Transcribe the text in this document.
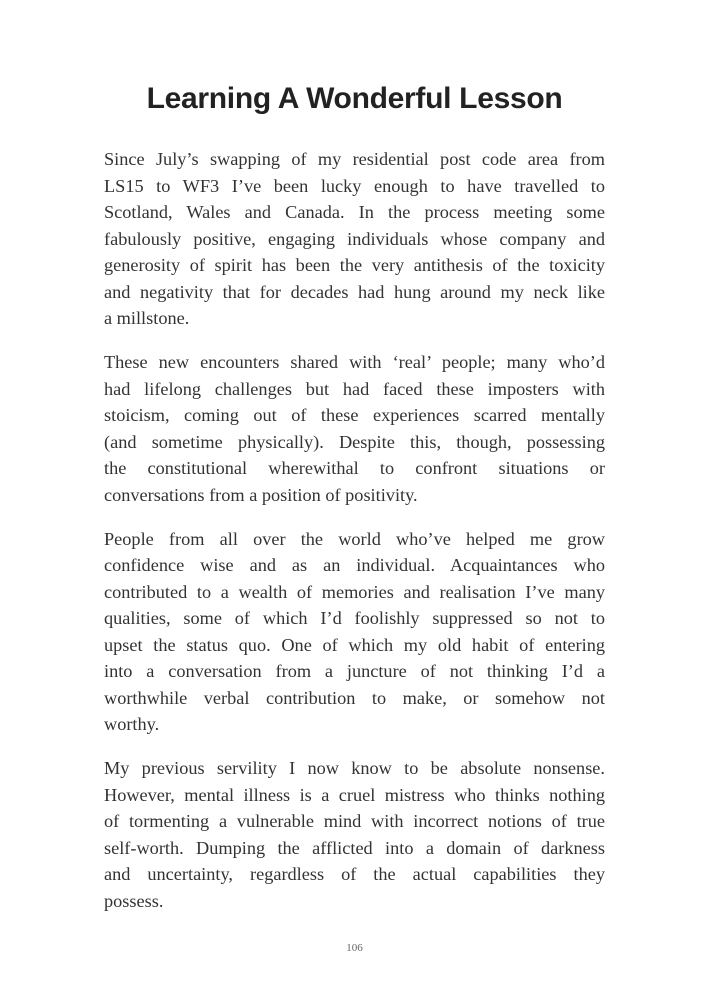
Learning A Wonderful Lesson
Since July’s swapping of my residential post code area from
LS15 to WF3 I’ve been lucky enough to have travelled to
Scotland, Wales and Canada. In the process meeting some
fabulously positive, engaging individuals whose company and
generosity of spirit has been the very antithesis of the toxicity
and negativity that for decades had hung around my neck like
a millstone.
These new encounters shared with ‘real’ people; many who’d
had lifelong challenges but had faced these imposters with
stoicism, coming out of these experiences scarred mentally
(and sometime physically). Despite this, though, possessing
the constitutional wherewithal to confront situations or
conversations from a position of positivity.
People from all over the world who’ve helped me grow
confidence wise and as an individual. Acquaintances who
contributed to a wealth of memories and realisation I’ve many
qualities, some of which I’d foolishly suppressed so not to
upset the status quo. One of which my old habit of entering
into a conversation from a juncture of not thinking I’d a
worthwhile verbal contribution to make, or somehow not
worthy.
My previous servility I now know to be absolute nonsense.
However, mental illness is a cruel mistress who thinks nothing
of tormenting a vulnerable mind with incorrect notions of true
self-worth. Dumping the afflicted into a domain of darkness
and uncertainty, regardless of the actual capabilities they
possess.
106
